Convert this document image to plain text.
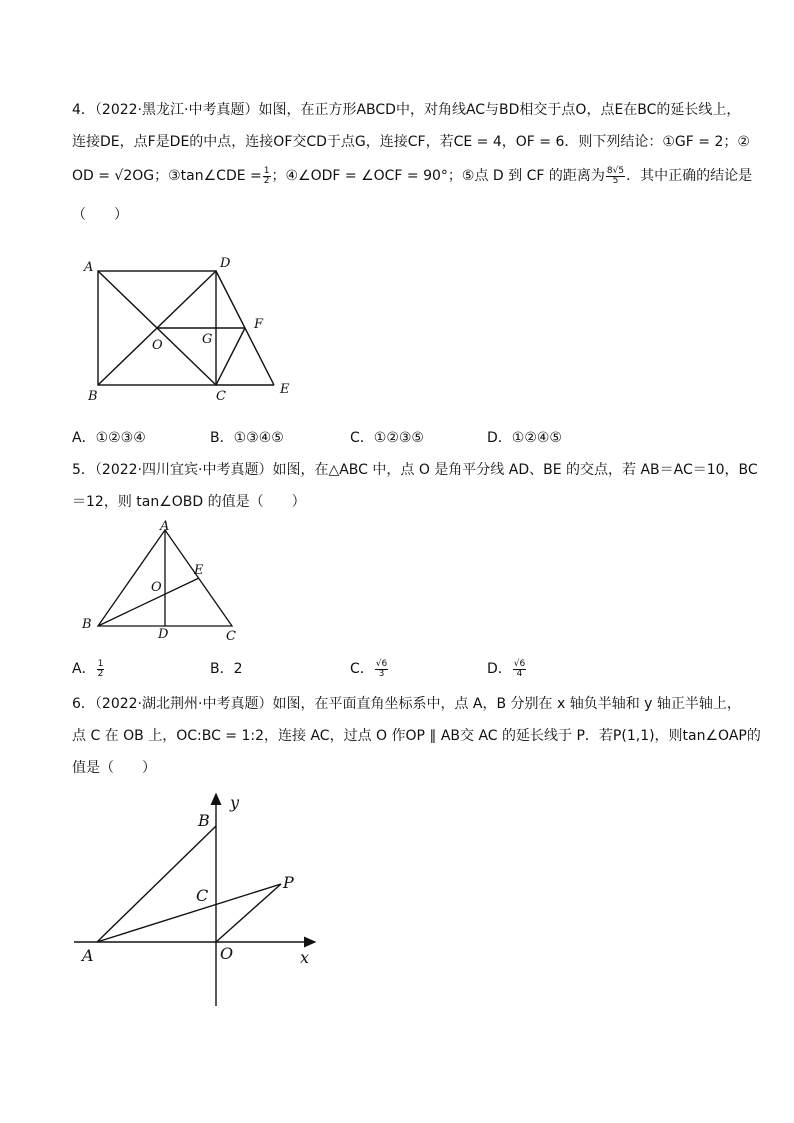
4．（2022·黑龙江·中考真题）如图，在正方形ABCD中，对角线AC与BD相交于点O，点E在BC的延长线上，
连接DE，点F是DE的中点，连接OF交CD于点G，连接CF，若CE = 4，OF = 6．则下列结论：①GF = 2；②
OD = √2OG；③tan∠CDE = $\frac{1}{2}$ ；④∠ODF = ∠OCF = 90°；⑤点 D 到 CF 的距离为 $\frac{8√5}{5}$ ．其中正确的结论是
（　　）
A	D
B	C	E
F
G
O
A．①②③④	B．①③④⑤	C．①②③⑤	D．①②④⑤
5．（2022·四川宜宾·中考真题）如图，在△ABC 中，点 O 是角平分线 AD、BE 的交点，若 AB＝AC＝10，BC
＝12，则 tan∠OBD 的值是（　　）
A
B
C
D
E
O
A． $\frac{1}{2}$	B．2	C． $\frac{√6}{3}$	D． $\frac{√6}{4}$
6．（2022·湖北荆州·中考真题）如图，在平面直角坐标系中，点 A，B 分别在 x 轴负半轴和 y 轴正半轴上，
点 C 在 OB 上，OC:BC = 1:2，连接 AC，过点 O 作OP ∥ AB交 AC 的延长线于 P．若P(1,1)，则tan∠OAP的
值是（　　）
y
x
B
C
P
A	O
